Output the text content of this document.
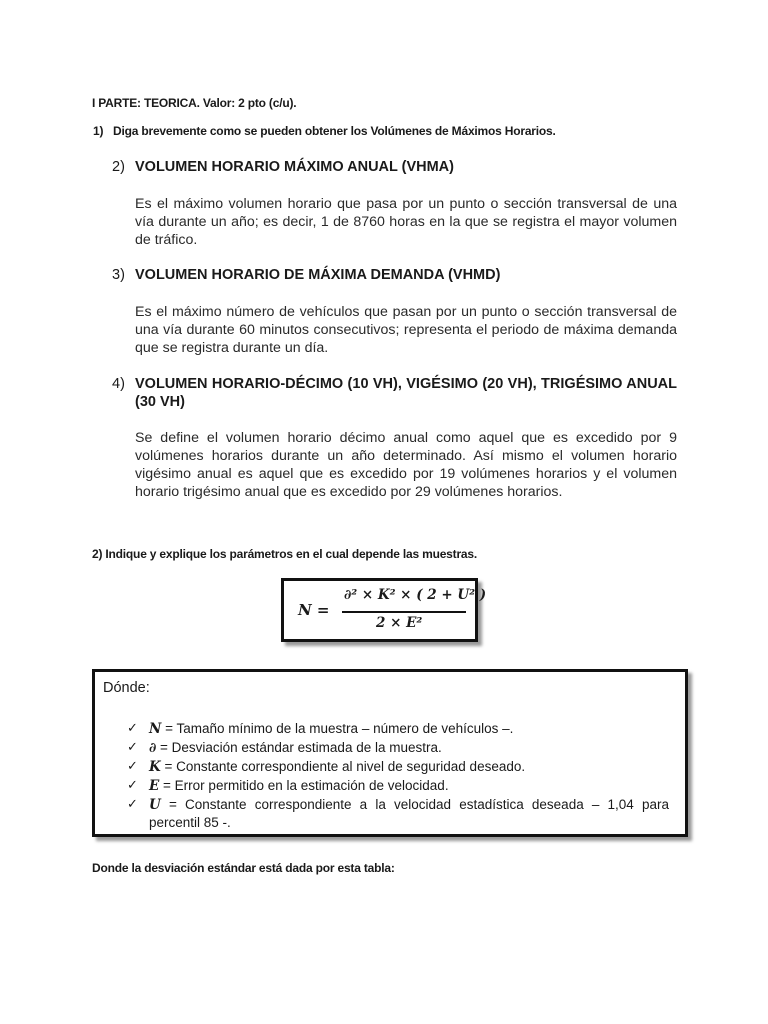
I PARTE: TEORICA. Valor: 2 pto (c/u).
1) Diga brevemente como se pueden obtener los Volúmenes de Máximos Horarios.
2) VOLUMEN HORARIO MÁXIMO ANUAL (VHMA)
Es el máximo volumen horario que pasa por un punto o sección transversal de una vía durante un año; es decir, 1 de 8760 horas en la que se registra el mayor volumen de tráfico.
3) VOLUMEN HORARIO DE MÁXIMA DEMANDA (VHMD)
Es el máximo número de vehículos que pasan por un punto o sección transversal de una vía durante 60 minutos consecutivos; representa el periodo de máxima demanda que se registra durante un día.
4) VOLUMEN HORARIO-DÉCIMO (10 VH), VIGÉSIMO (20 VH), TRIGÉSIMO ANUAL (30 VH)
Se define el volumen horario décimo anual como aquel que es excedido por 9 volúmenes horarios durante un año determinado. Así mismo el volumen horario vigésimo anual es aquel que es excedido por 19 volúmenes horarios y el volumen horario trigésimo anual que es excedido por 29 volúmenes horarios.
2) Indique y explique los parámetros en el cual depende las muestras.
N =
∂² × K² × ( 2 + U² )
2 × E²
Dónde:
✓ N = Tamaño mínimo de la muestra – número de vehículos –.
✓ ∂ = Desviación estándar estimada de la muestra.
✓ K = Constante correspondiente al nivel de seguridad deseado.
✓ E = Error permitido en la estimación de velocidad.
✓ U = Constante correspondiente a la velocidad estadística deseada – 1,04 para percentil 85 -.
Donde la desviación estándar está dada por esta tabla:
